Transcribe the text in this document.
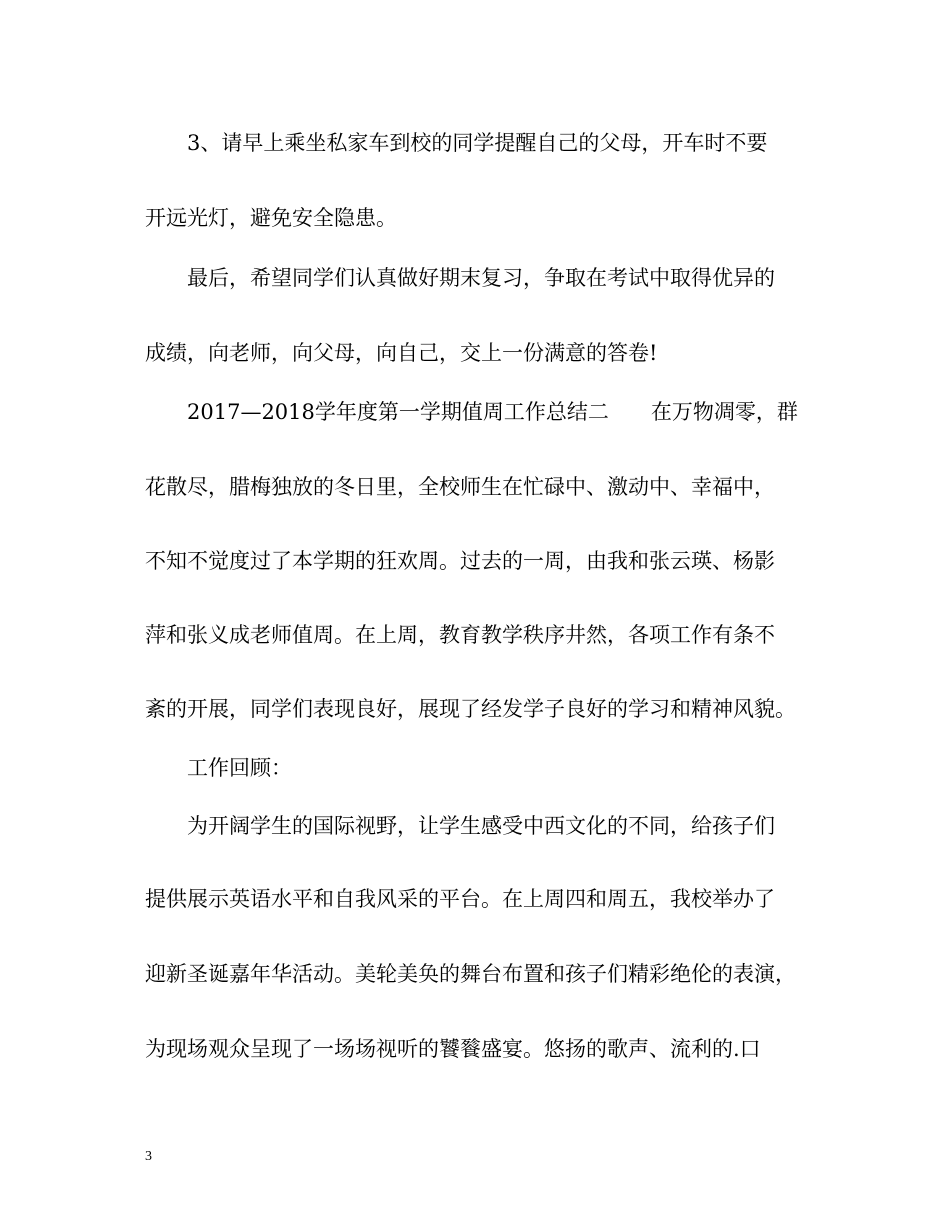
3、请早上乘坐私家车到校的同学提醒自己的父母，开车时不要
开远光灯，避免安全隐患。
最后，希望同学们认真做好期末复习，争取在考试中取得优异的
成绩，向老师，向父母，向自己，交上一份满意的答卷!
2017—2018学年度第一学期值周工作总结二　　在万物凋零，群
花散尽，腊梅独放的冬日里，全校师生在忙碌中、激动中、幸福中，
不知不觉度过了本学期的狂欢周。过去的一周，由我和张云瑛、杨影
萍和张义成老师值周。在上周，教育教学秩序井然，各项工作有条不
紊的开展，同学们表现良好，展现了经发学子良好的学习和精神风貌。
工作回顾：
为开阔学生的国际视野，让学生感受中西文化的不同，给孩子们
提供展示英语水平和自我风采的平台。在上周四和周五，我校举办了
迎新圣诞嘉年华活动。美轮美奂的舞台布置和孩子们精彩绝伦的表演，
为现场观众呈现了一场场视听的饕餮盛宴。悠扬的歌声、流利的.口
3
